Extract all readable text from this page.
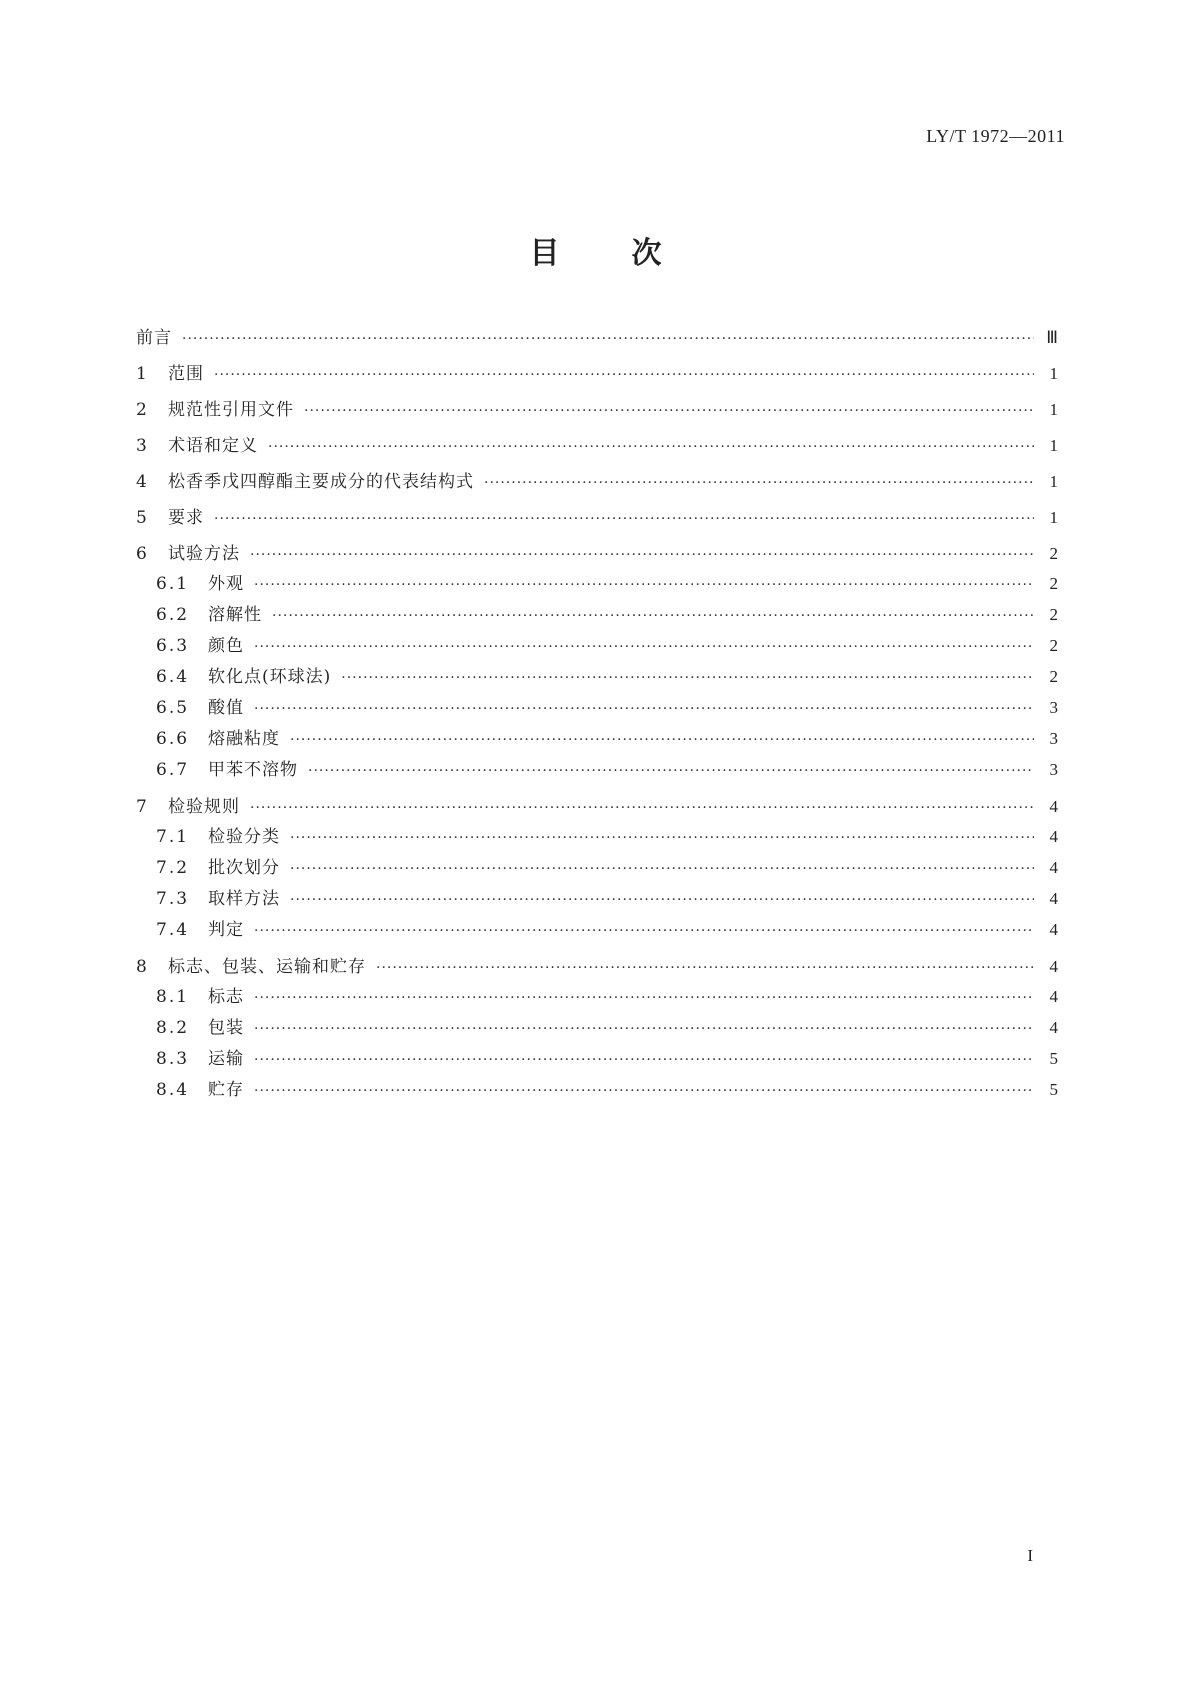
LY/T 1972—2011
目次
前言 ·····	Ⅲ
1	范围 ·····	1
2	规范性引用文件 ·····	1
3	术语和定义 ·····	1
4	松香季戊四醇酯主要成分的代表结构式 ·····	1
5	要求 ·····	1
6	试验方法 ·····	2
6.1	外观 ·····	2
6.2	溶解性 ·····	2
6.3	颜色 ·····	2
6.4	软化点(环球法) ·····	2
6.5	酸值 ·····	3
6.6	熔融粘度 ·····	3
6.7	甲苯不溶物 ·····	3
7	检验规则 ·····	4
7.1	检验分类 ·····	4
7.2	批次划分 ·····	4
7.3	取样方法 ·····	4
7.4	判定 ·····	4
8	标志、包装、运输和贮存 ·····	4
8.1	标志 ·····	4
8.2	包装 ·····	4
8.3	运输 ·····	5
8.4	贮存 ·····	5
I
